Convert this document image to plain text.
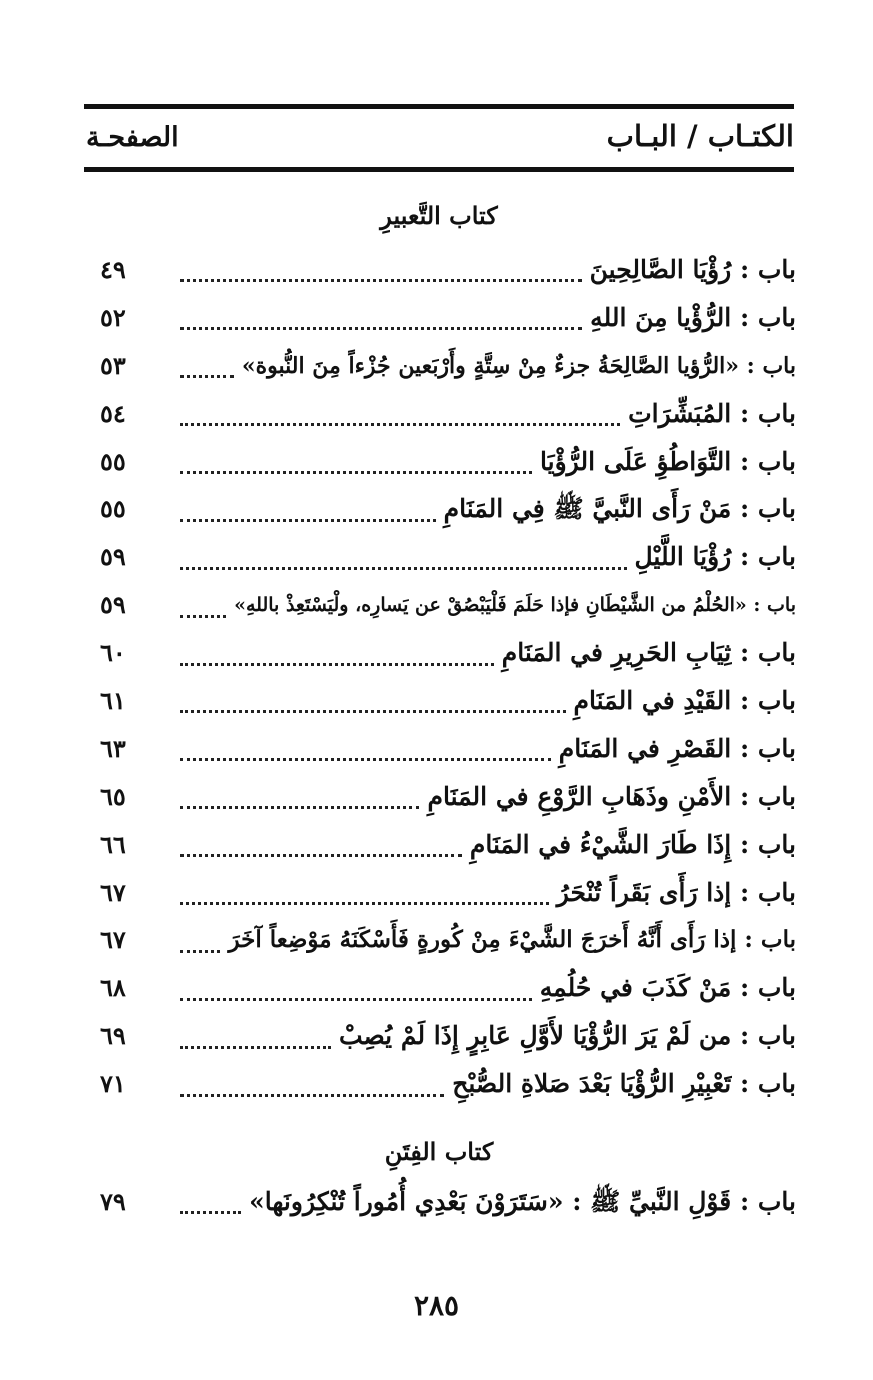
الكتـاب / البـاب
الصفحـة
كتاب التَّعبيرِ
باب : رُؤْيَا الصَّالِحِينَ
٤٩
باب : الرُّؤْيا مِنَ اللهِ
٥٢
باب : «الرُّؤيا الصَّالِحَةُ جزءٌ مِنْ سِتَّةٍ وأَرْبَعين جُزْءاً مِنَ النُّبوة»
٥٣
باب : المُبَشِّرَاتِ
٥٤
باب : التَّوَاطُؤِ عَلَى الرُّؤْيَا
٥٥
باب : مَنْ رَأَى النَّبيَّ ﷺ فِي المَنَامِ
٥٥
باب : رُؤْيَا اللَّيْلِ
٥٩
باب : «الحُلْمُ من الشَّيْطَانِ فإذا حَلَمَ فَلْيَبْصُقْ عن يَسارِه، ولْيَسْتَعِذْ باللهِ»
٥٩
باب : ثِيَابِ الحَرِيرِ في المَنَامِ
٦٠
باب : القَيْدِ في المَنَامِ
٦١
باب : القَصْرِ في المَنَامِ
٦٣
باب : الأَمْنِ وذَهَابِ الرَّوْعِ في المَنَامِ
٦٥
باب : إِذَا طَارَ الشَّيْءُ في المَنَامِ
٦٦
باب : إذا رَأَى بَقَراً تُنْحَرُ
٦٧
باب : إذا رَأَى أَنَّهُ أَخرَجَ الشَّيْءَ مِنْ كُورةٍ فَأَسْكَنَهُ مَوْضِعاً آخَرَ
٦٧
باب : مَنْ كَذَبَ في حُلُمِهِ
٦٨
باب : من لَمْ يَرَ الرُّؤْيَا لأَوَّلِ عَابِرٍ إِذَا لَمْ يُصِبْ
٦٩
باب : تَعْبِيْرِ الرُّؤْيَا بَعْدَ صَلاةِ الصُّبْحِ
٧١
كتاب الفِتَنِ
باب : قَوْلِ النَّبيِّ ﷺ : «سَتَرَوْنَ بَعْدِي أُمُوراً تُنْكِرُونَها»
٧٩
٢٨٥
